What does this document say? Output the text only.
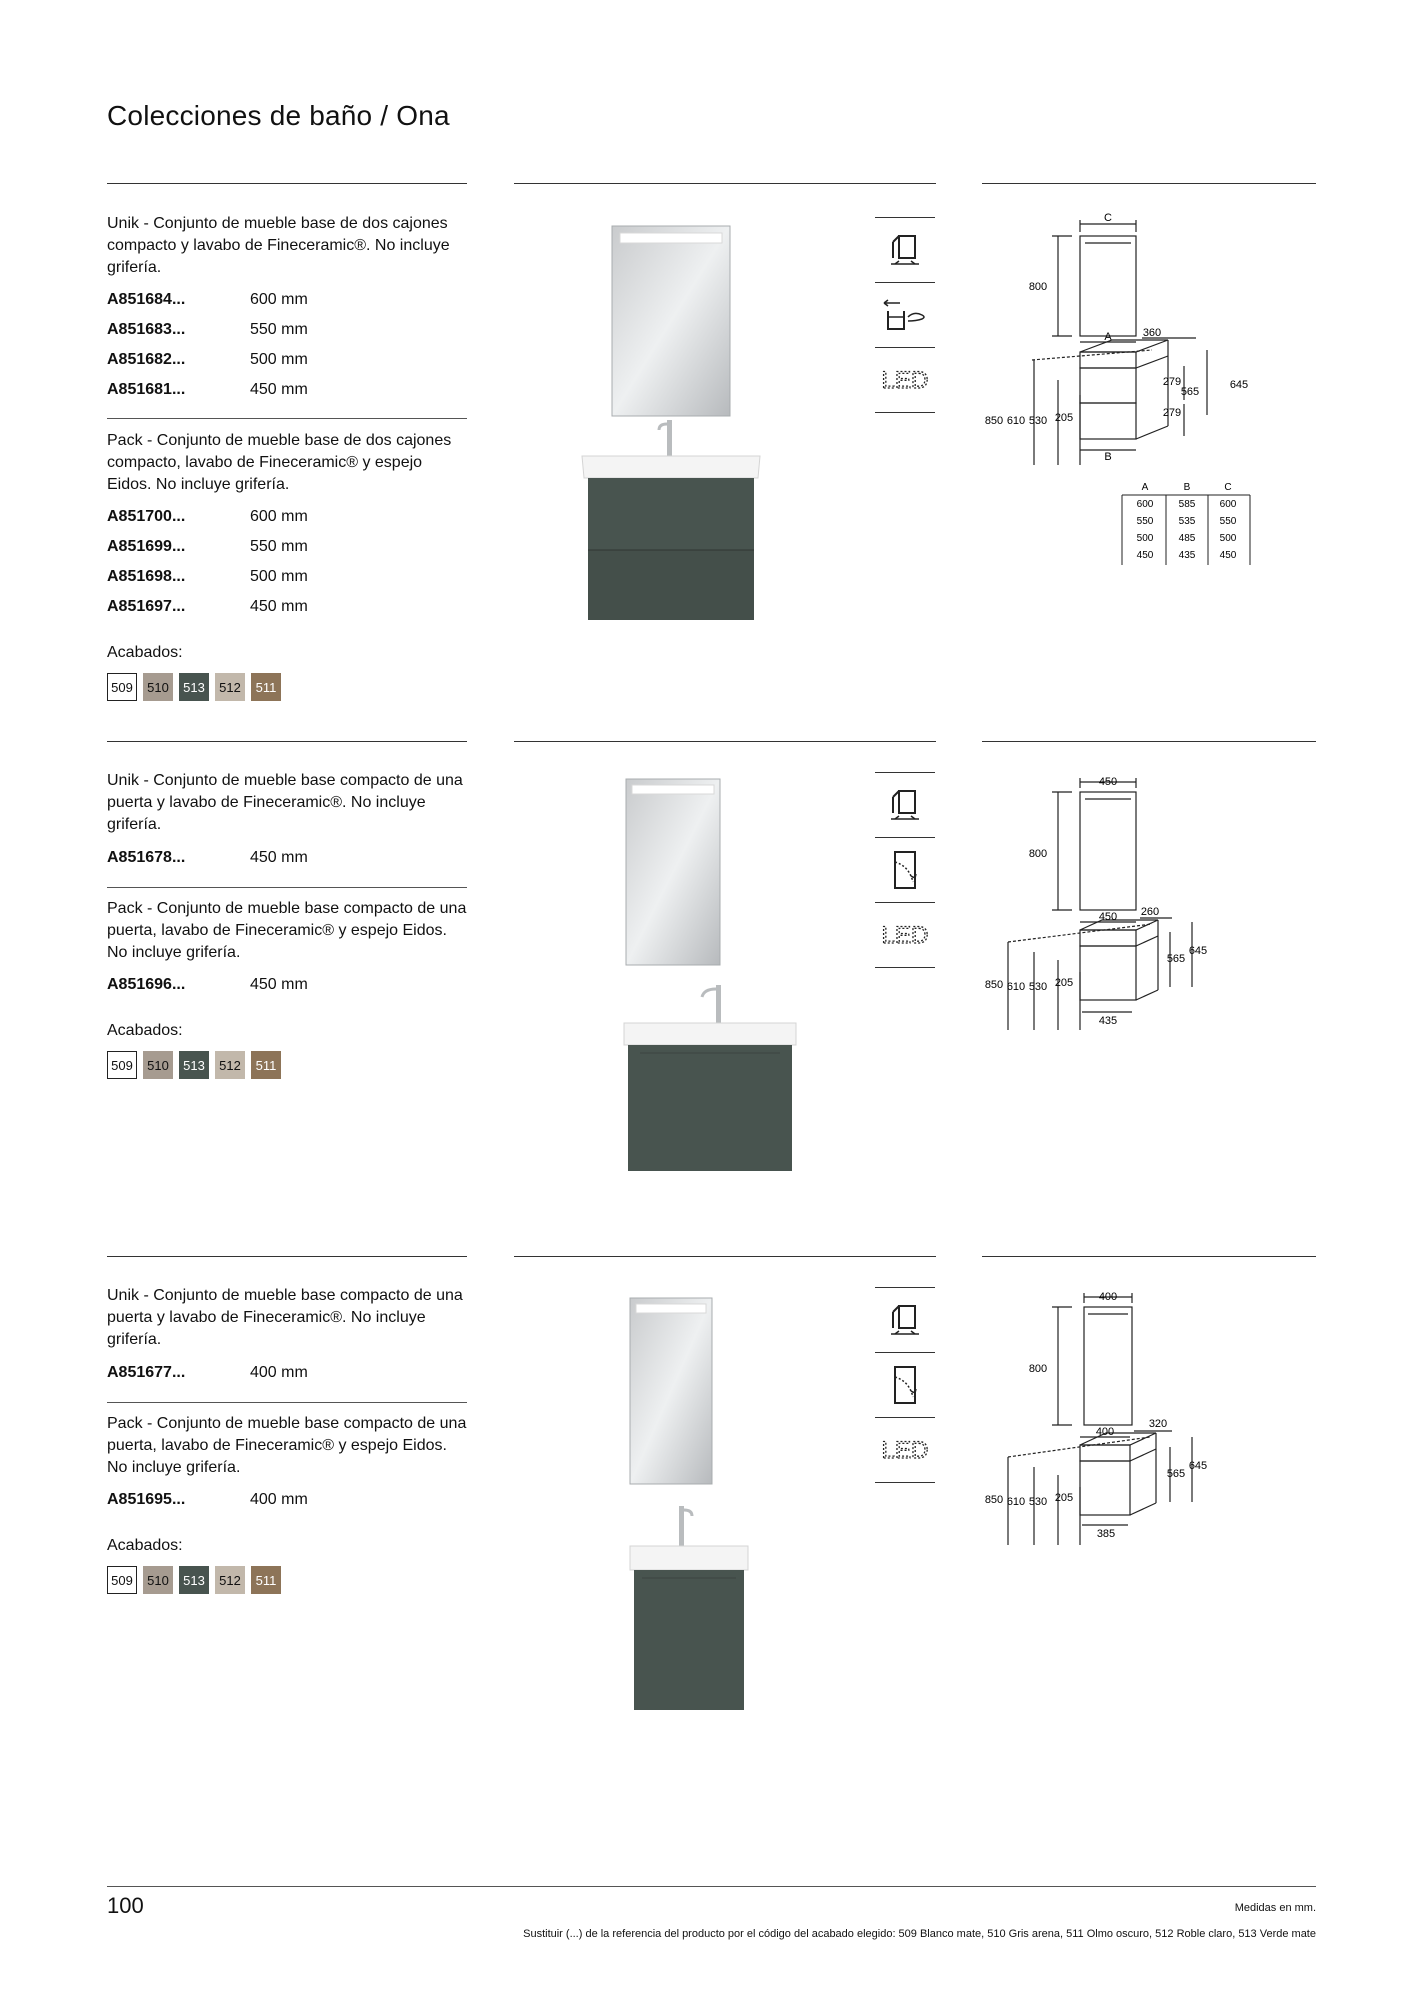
Colecciones de baño / Ona
Unik - Conjunto de mueble base de dos cajones compacto y lavabo de Fineceramic®. No incluye grifería.
A851684...	600 mm
A851683...	550 mm
A851682...	500 mm
A851681...	450 mm
Pack - Conjunto de mueble base de dos cajones compacto, lavabo de Fineceramic® y espejo Eidos. No incluye grifería.
A851700...	600 mm
A851699...	550 mm
A851698...	500 mm
A851697...	450 mm
Acabados:
509	510	513	512	511
LED
C
800
A	360
279
565
645
279
850 610 530 205
B
A	B	C
600	585 600
550	535 550
500	485 500
450	435 450
Unik - Conjunto de mueble base compacto de una puerta y lavabo de Fineceramic®. No incluye grifería.
A851678...	450 mm
Pack - Conjunto de mueble base compacto de una puerta, lavabo de Fineceramic® y espejo Eidos. No incluye grifería.
A851696...	450 mm
Acabados:
509	510	513	512	511
LED
450
800
450 260
645
565
850 610 530 205
435
Unik - Conjunto de mueble base compacto de una puerta y lavabo de Fineceramic®. No incluye grifería.
A851677...	400 mm
Pack - Conjunto de mueble base compacto de una puerta, lavabo de Fineceramic® y espejo Eidos. No incluye grifería.
A851695...	400 mm
Acabados:
509	510	513	512	511
LED
400
800
400
320
645
565
850 610 530 205
385
100	Medidas en mm.
Sustituir (...) de la referencia del producto por el código del acabado elegido: 509 Blanco mate, 510 Gris arena, 511 Olmo oscuro, 512 Roble claro, 513 Verde mate
